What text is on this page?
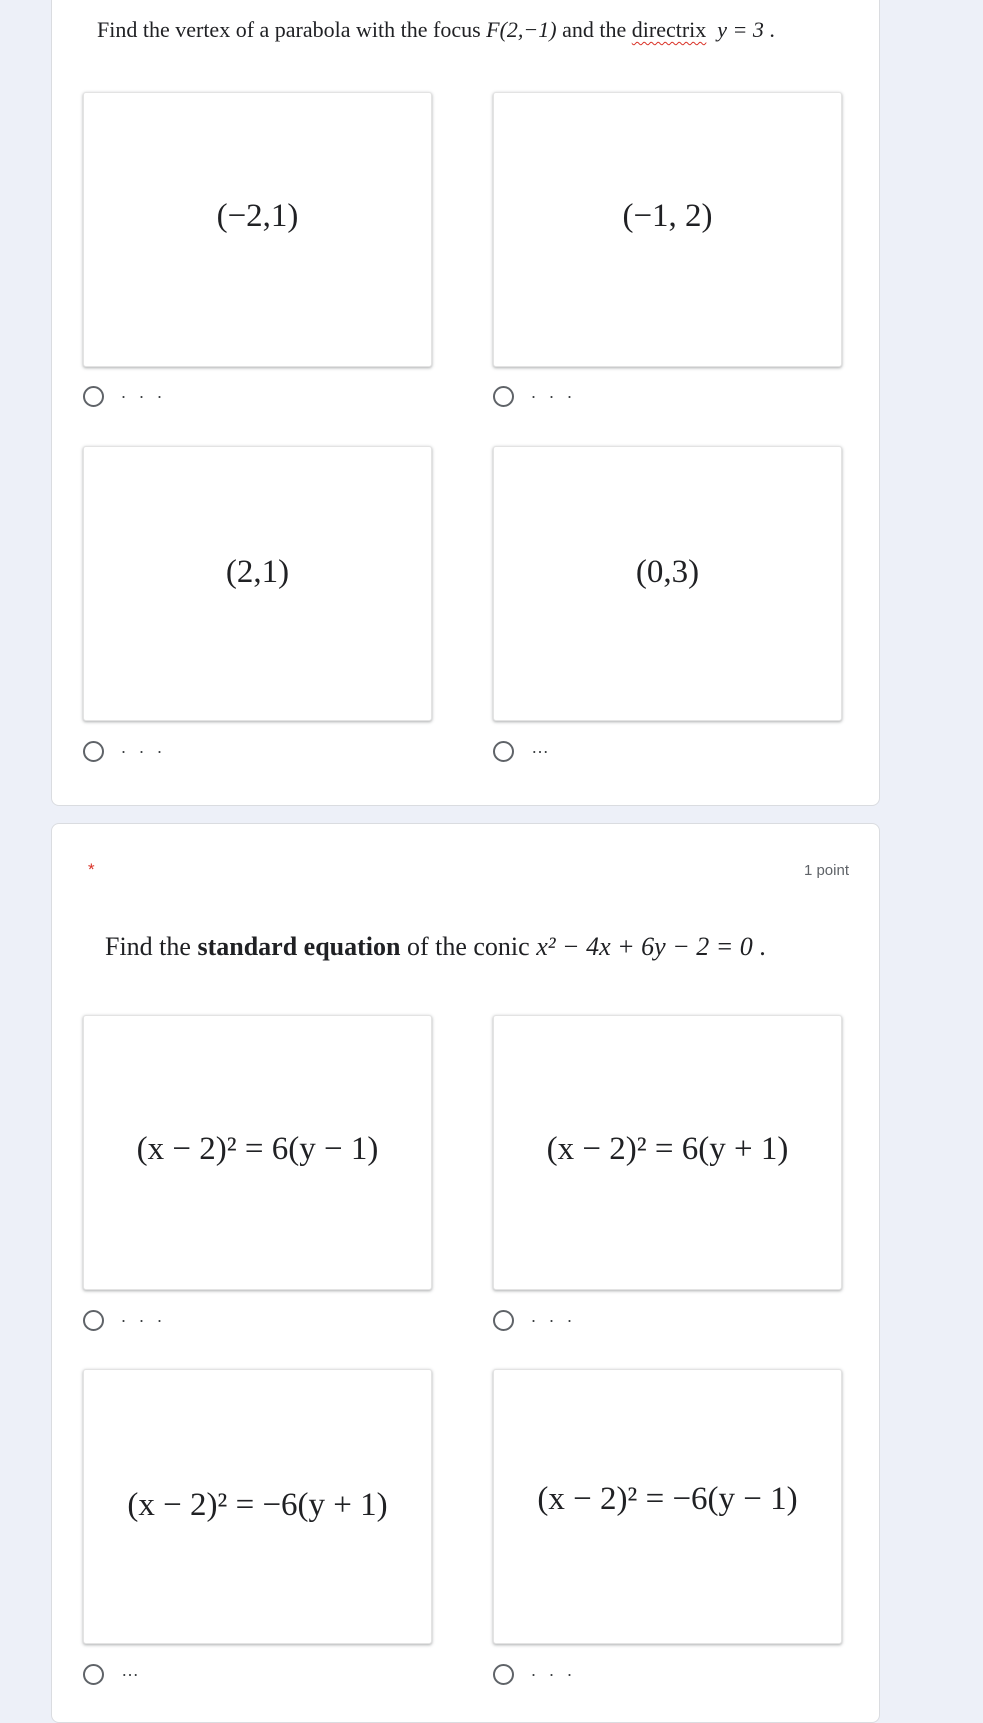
Find the vertex of a parabola with the focus F(2,−1) and the directrix y = 3 .
(−2,1)
. . .
(−1, 2)
. . .
(2,1)
. . .
(0,3)
…
*	1 point
Find the standard equation of the conic x² − 4x + 6y − 2 = 0 .
(x − 2)² = 6(y − 1)
. . .
(x − 2)² = 6(y + 1)
. . .
(x − 2)² = −6(y + 1)
…
(x − 2)² = −6(y − 1)
. . .
